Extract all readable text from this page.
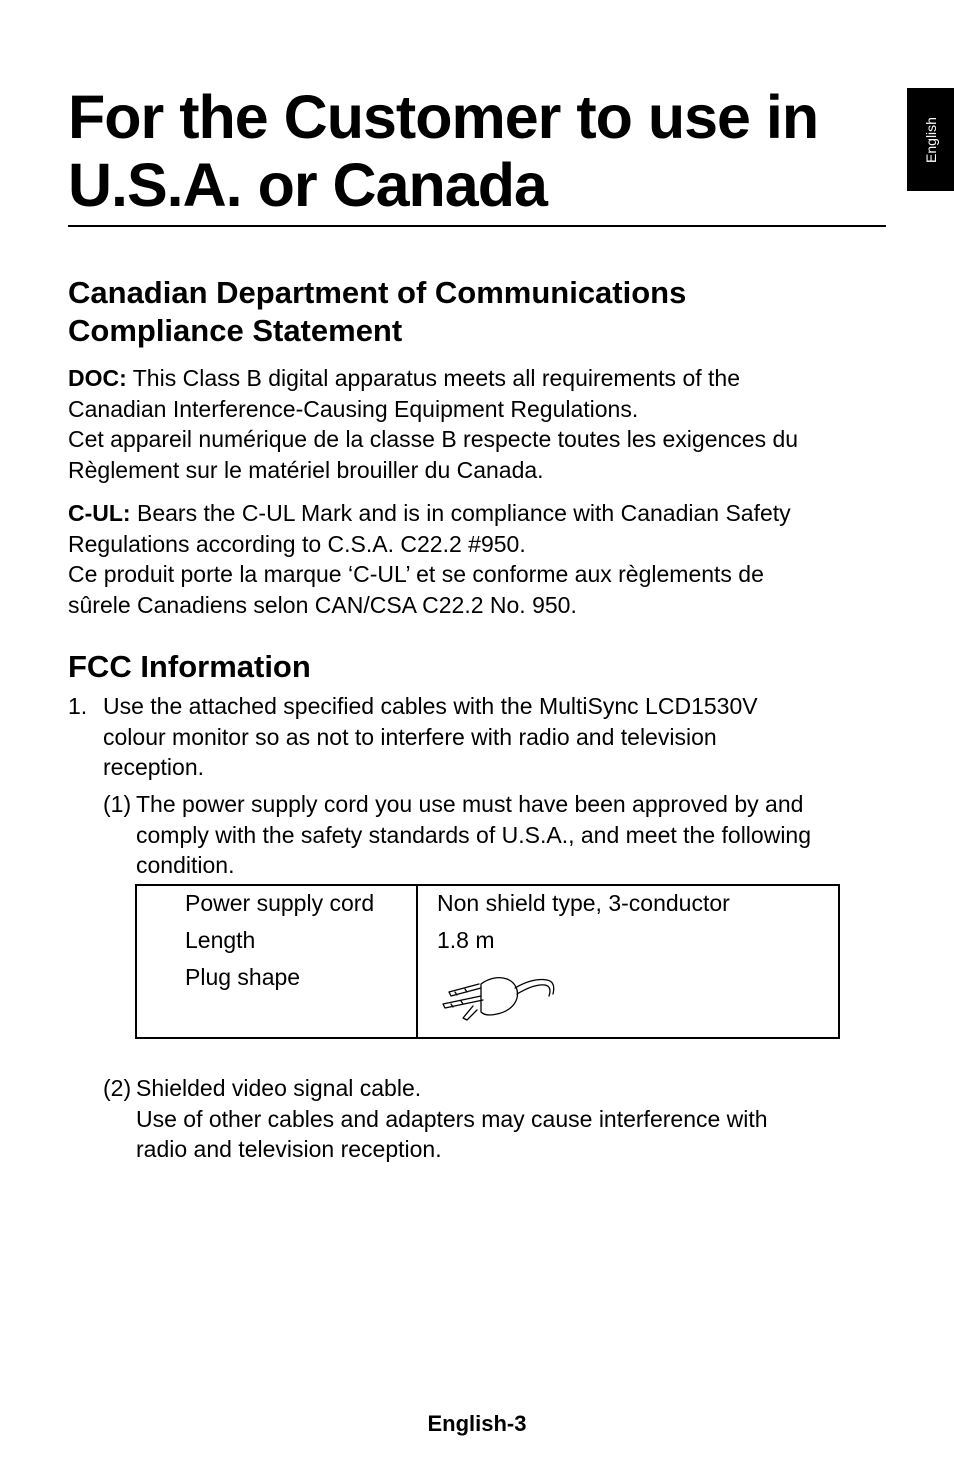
English
For the Customer to use in
U.S.A. or Canada
Canadian Department of Communications
Compliance Statement

DOC: This Class B digital apparatus meets all requirements of the
Canadian Interference-Causing Equipment Regulations.
Cet appareil numérique de la classe B respecte toutes les exigences du
Règlement sur le matériel brouiller du Canada.

C-UL: Bears the C-UL Mark and is in compliance with Canadian Safety
Regulations according to C.S.A. C22.2 #950.
Ce produit porte la marque ‘C-UL’ et se conforme aux règlements de
sûrele Canadiens selon CAN/CSA C22.2 No. 950.

FCC Information
1. Use the attached specified cables with the MultiSync LCD1530V
colour monitor so as not to interfere with radio and television
reception.
(1) The power supply cord you use must have been approved by and
comply with the safety standards of U.S.A., and meet the following
condition.
Power supply cord	Non shield type, 3-conductor
Length	1.8 m
Plug shape
(2) Shielded video signal cable.
Use of other cables and adapters may cause interference with
radio and television reception.
English-3
